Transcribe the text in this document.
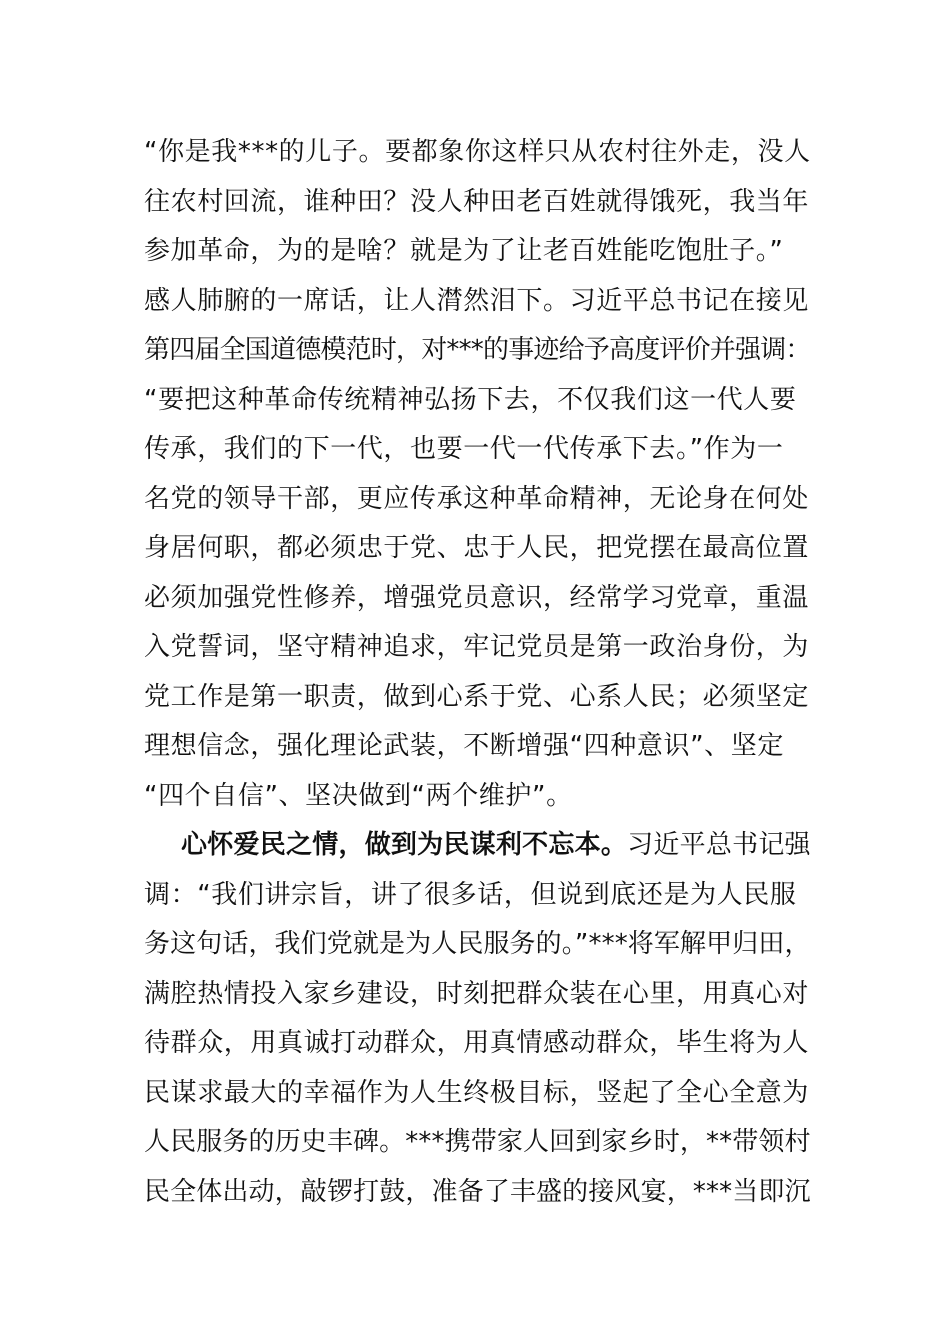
“你是我***的儿子。要都象你这样只从农村往外走，没人
往农村回流，谁种田？没人种田老百姓就得饿死，我当年
参加革命，为的是啥？就是为了让老百姓能吃饱肚子。”
感人肺腑的一席话，让人潸然泪下。习近平总书记在接见
第四届全国道德模范时，对***的事迹给予高度评价并强调：
“要把这种革命传统精神弘扬下去，不仅我们这一代人要
传承，我们的下一代，也要一代一代传承下去。”作为一
名党的领导干部，更应传承这种革命精神，无论身在何处
身居何职，都必须忠于党、忠于人民，把党摆在最高位置
必须加强党性修养，增强党员意识，经常学习党章，重温
入党誓词，坚守精神追求，牢记党员是第一政治身份，为
党工作是第一职责，做到心系于党、心系人民；必须坚定
理想信念，强化理论武装，不断增强“四种意识”、坚定
“四个自信”、坚决做到“两个维护”。
心怀爱民之情，做到为民谋利不忘本。习近平总书记强
调：“我们讲宗旨，讲了很多话，但说到底还是为人民服
务这句话，我们党就是为人民服务的。”***将军解甲归田，
满腔热情投入家乡建设，时刻把群众装在心里，用真心对
待群众，用真诚打动群众，用真情感动群众，毕生将为人
民谋求最大的幸福作为人生终极目标，竖起了全心全意为
人民服务的历史丰碑。***携带家人回到家乡时，**带领村
民全体出动，敲锣打鼓，准备了丰盛的接风宴，***当即沉
